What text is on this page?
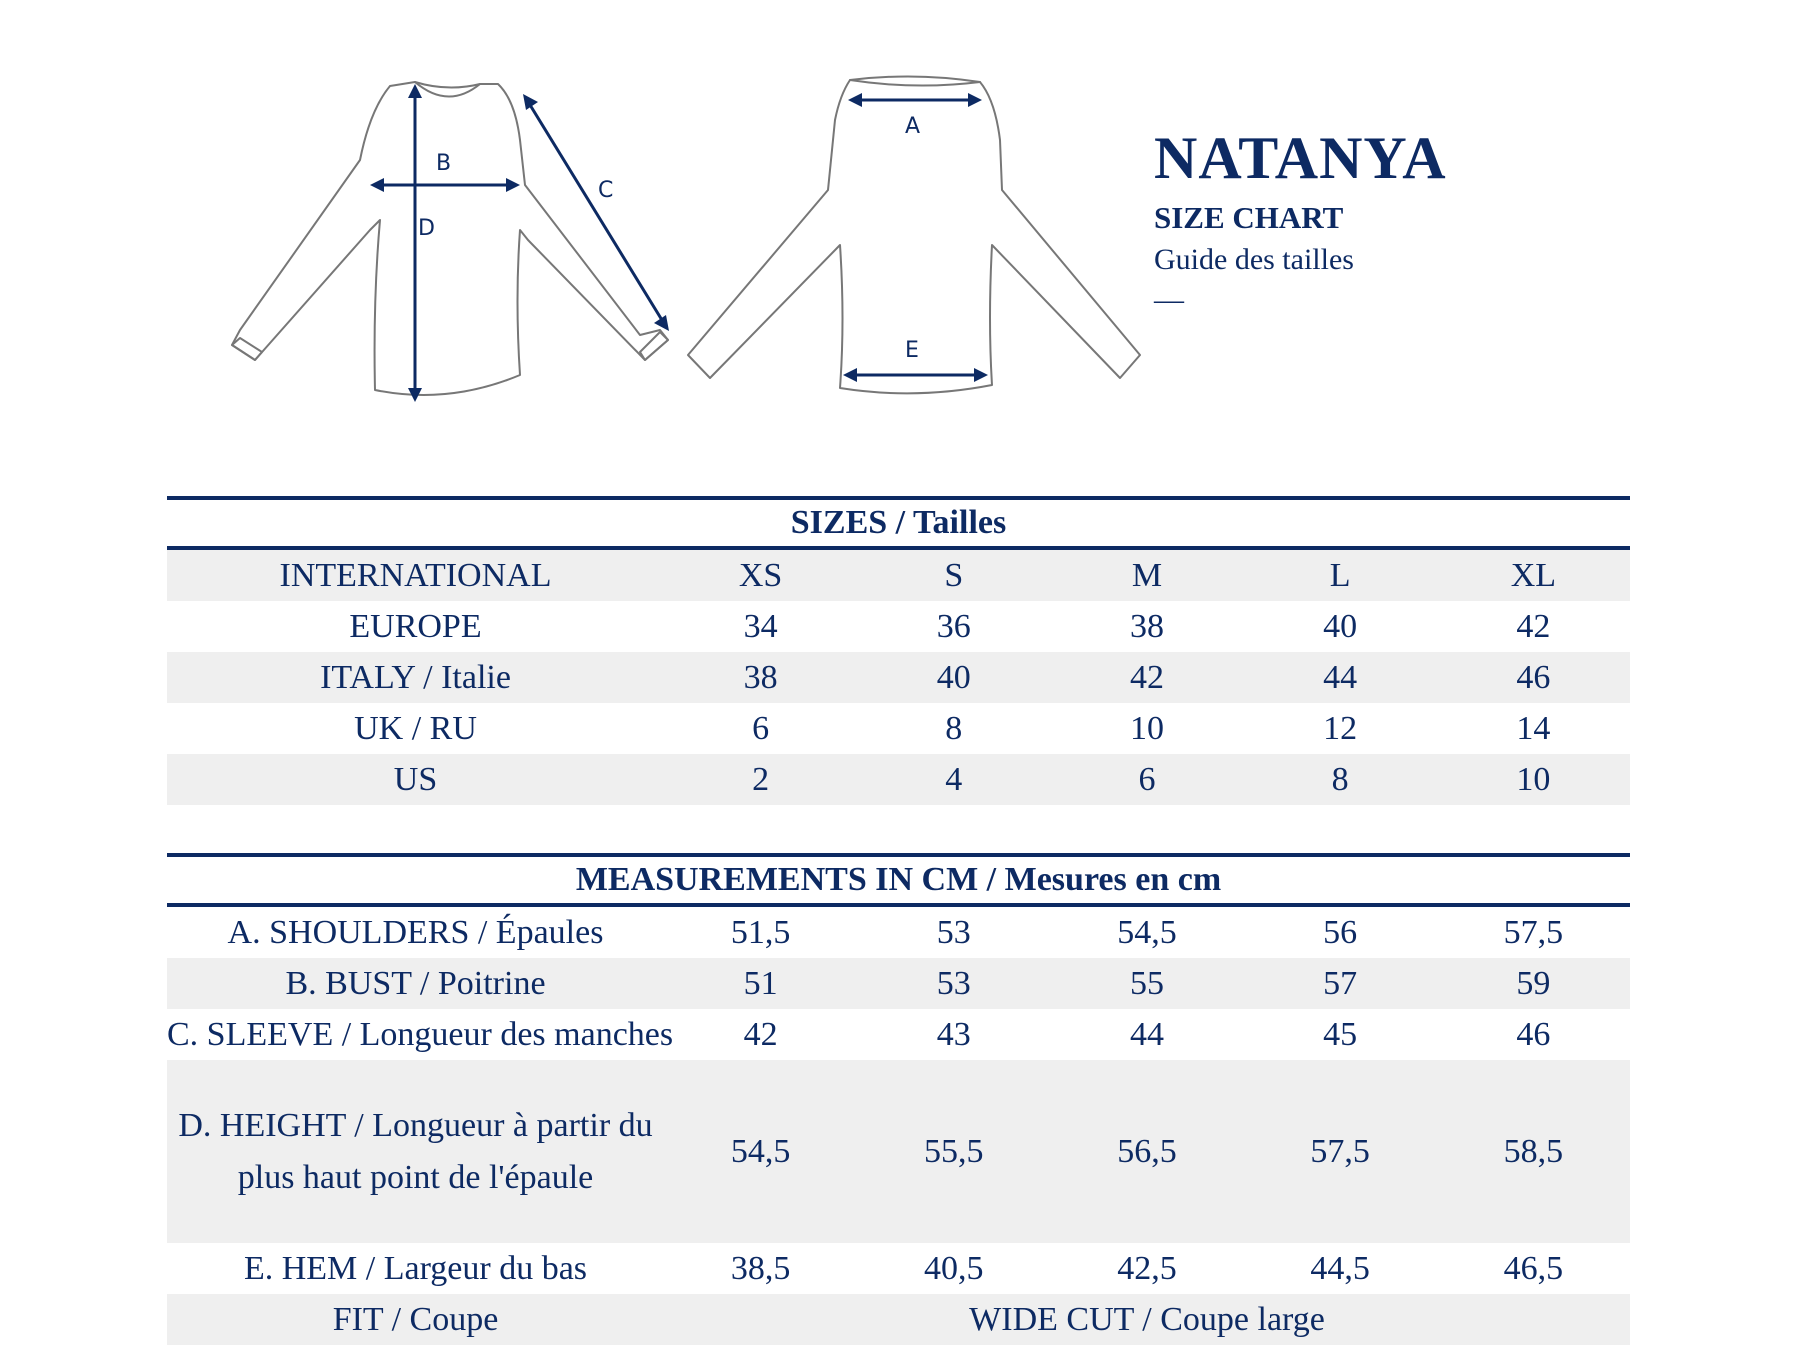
B
C
D
A
E
NATANYA
SIZE CHART
Guide des tailles
—
SIZES / Tailles					
INTERNATIONAL	XS	S	M	L	XL
EUROPE	34	36	38	40	42
ITALY / Italie	38	40	42	44	46
UK / RU	6	8	10	12	14
US	2	4	6	8	10
MEASUREMENTS IN CM / Mesures en cm					
A. SHOULDERS / Épaules	51,5	53	54,5	56	57,5
B. BUST / Poitrine	51	53	55	57	59
C. SLEEVE / Longueur des manches	42	43	44	45	46
D. HEIGHT / Longueur à partir du plus haut point de l'épaule	54,5	55,5	56,5	57,5	58,5
E. HEM / Largeur du bas	38,5	40,5	42,5	44,5	46,5
FIT / Coupe	WIDE CUT / Coupe large				
